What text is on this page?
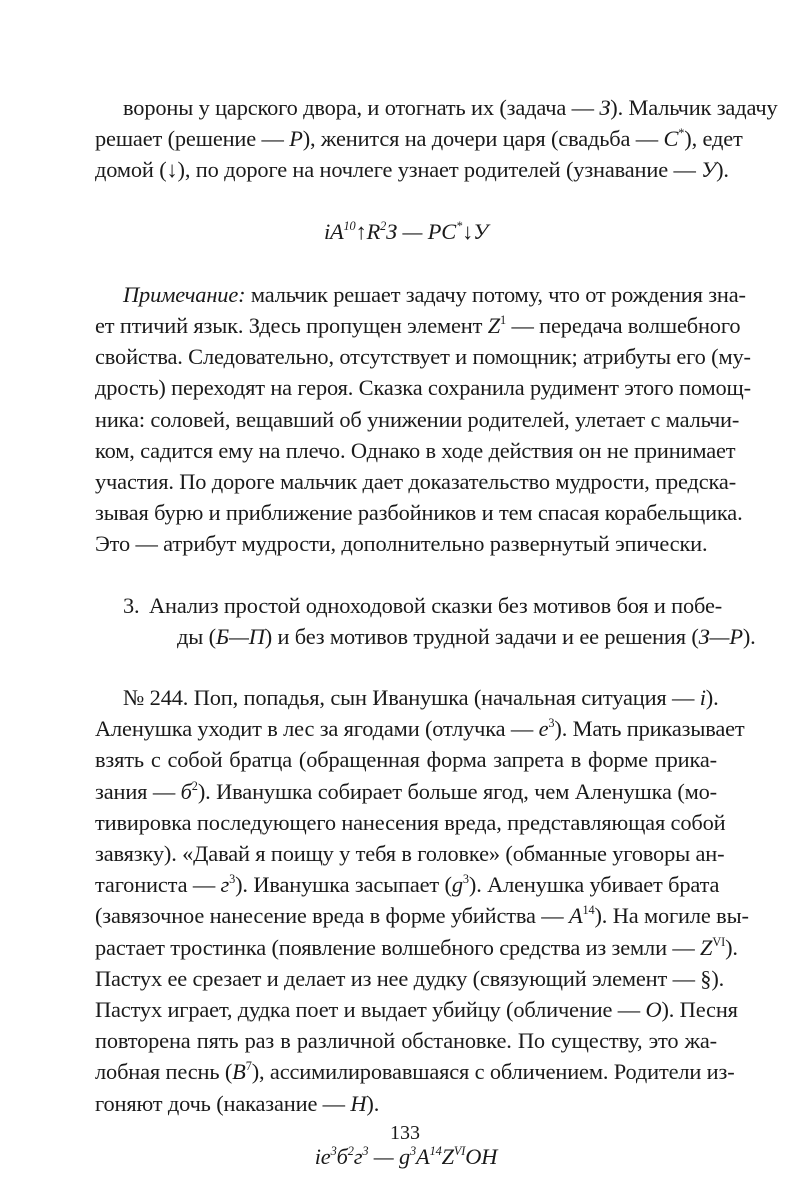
вороны у царского двора, и отогнать их (задача — З). Мальчик задачу
решает (решение — Р), женится на дочери царя (свадьба — С*), едет
домой (↓), по дороге на ночлеге узнает родителей (узнавание — У).
$iA^{10}↑R^2З$ — РС*↓У
Примечание: мальчик решает задачу потому, что от рождения зна-
ет птичий язык. Здесь пропущен элемент $Z^1$ — передача волшебного
свойства. Следовательно, отсутствует и помощник; атрибуты его (му-
дрость) переходят на героя. Сказка сохранила рудимент этого помощ-
ника: соловей, вещавший об унижении родителей, улетает с мальчи-
ком, садится ему на плечо. Однако в ходе действия он не принимает
участия. По дороге мальчик дает доказательство мудрости, предска-
зывая бурю и приближение разбойников и тем спасая корабельщика.
Это — атрибут мудрости, дополнительно развернутый эпически.
3. Анализ простой одноходовой сказки без мотивов боя и побе-
ды (Б—П) и без мотивов трудной задачи и ее решения (З—Р).
№ 244. Поп, попадья, сын Иванушка (начальная ситуация — i).
Аленушка уходит в лес за ягодами (отлучка — $е^3$). Мать приказывает
взять с собой братца (обращенная форма запрета в форме прика-
зания — $б^2$). Иванушка собирает больше ягод, чем Аленушка (мо-
тивировка последующего нанесения вреда, представляющая собой
завязку). «Давай я поищу у тебя в головке» (обманные уговоры ан-
тагониста — $г^3$). Иванушка засыпает $(g^3)$. Аленушка убивает брата
(завязочное нанесение вреда в форме убийства — $А^{14}$). На могиле вы-
растает тростинка (появление волшебного средства из земли — $Z^{VI}$).
Пастух ее срезает и делает из нее дудку (связующий элемент — §).
Пастух играет, дудка поет и выдает убийцу (обличение — О). Песня
повторена пять раз в различной обстановке. По существу, это жа-
лобная песнь $(В^7)$, ассимилировавшаяся с обличением. Родители из-
гоняют дочь (наказание — Н).
$ie^3б^2г^3$ — $g^3A^{14}Z^{VI}OH$
133
